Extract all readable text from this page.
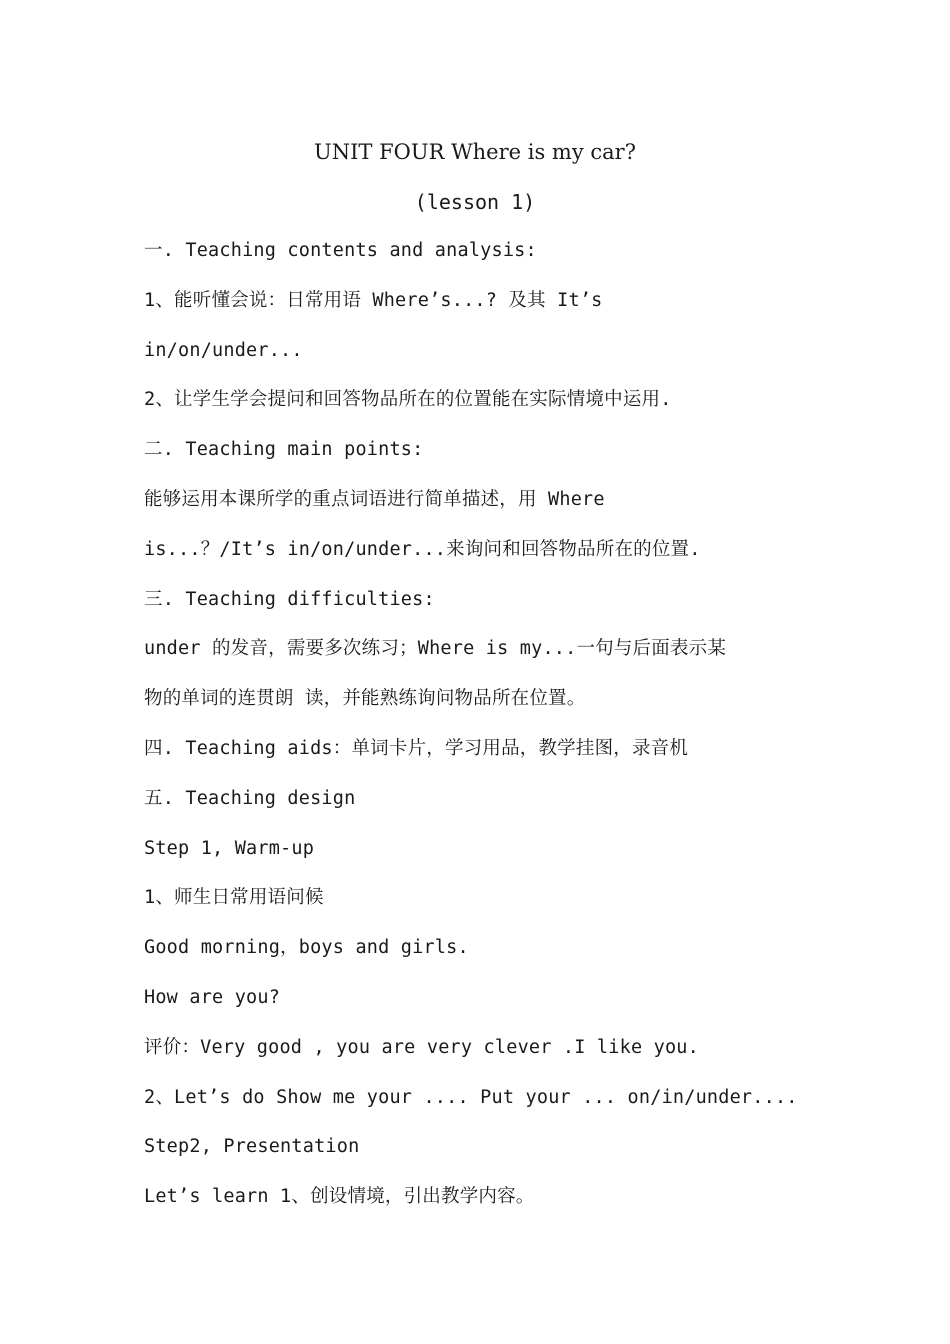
UNIT FOUR Where is my car?
(lesson 1)
一. Teaching contents and analysis:
1、能听懂会说：日常用语 Where’s...? 及其 It’s
in/on/under...
2、让学生学会提问和回答物品所在的位置能在实际情境中运用.
二. Teaching main points:
能够运用本课所学的重点词语进行简单描述，用 Where
is...？/It’s in/on/under...来询问和回答物品所在的位置.
三. Teaching difficulties:
under 的发音，需要多次练习；Where is my...一句与后面表示某
物的单词的连贯朗 读，并能熟练询问物品所在位置。
四. Teaching aids：单词卡片，学习用品，教学挂图，录音机
五. Teaching design
Step 1, Warm-up
1、师生日常用语问候
Good morning，boys and girls.
How are you?
评价：Very good , you are very clever .I like you.
2、Let’s do Show me your .... Put your ... on/in/under....
Step2, Presentation
Let’s learn 1、创设情境，引出教学内容。
